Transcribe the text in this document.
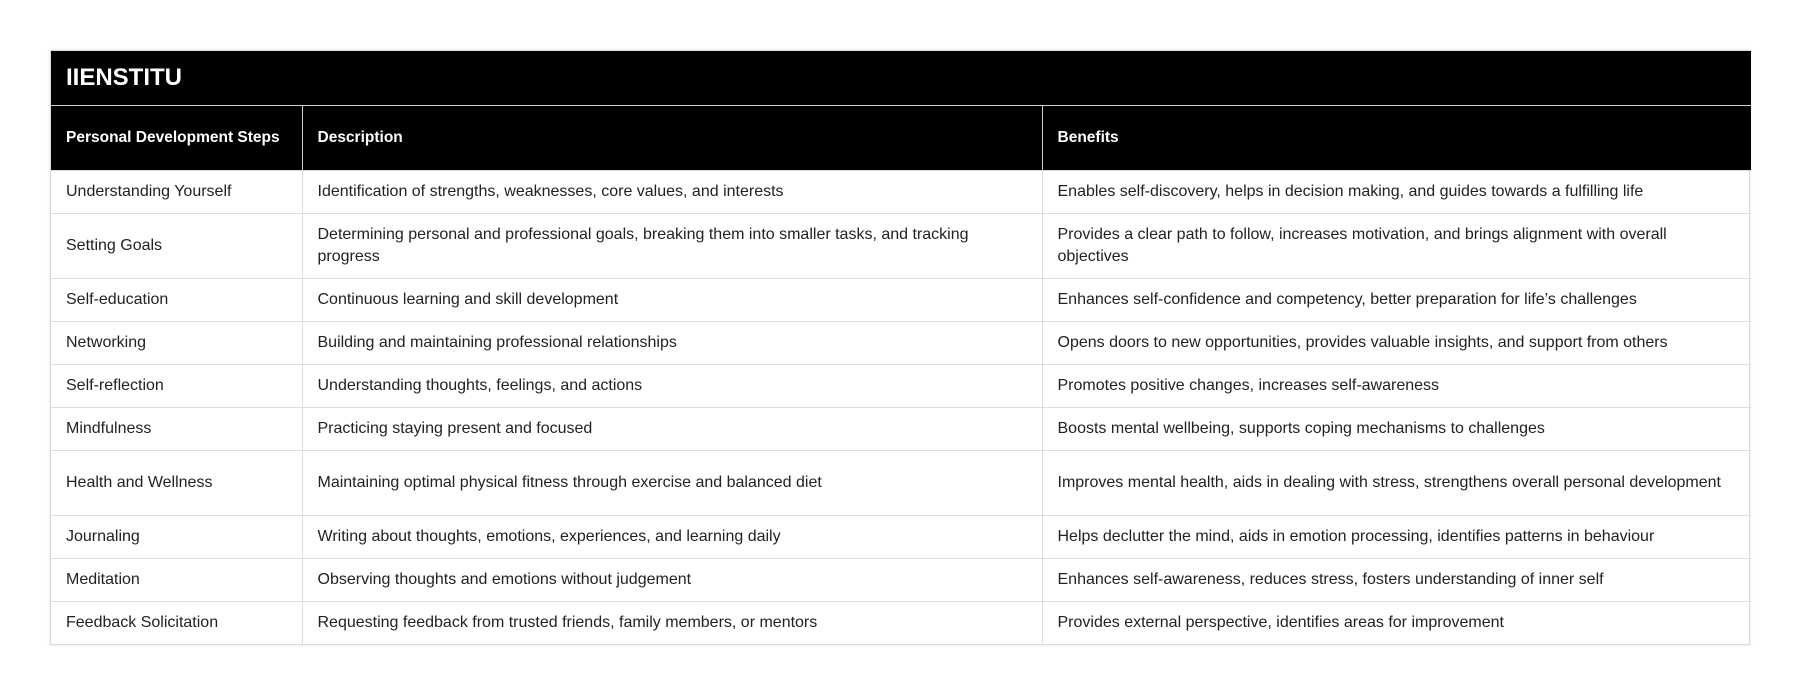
IIENSTITU		
Personal Development Steps	Description	Benefits
Understanding Yourself	Identification of strengths, weaknesses, core values, and interests	Enables self-discovery, helps in decision making, and guides towards a fulfilling life
Setting Goals	Determining personal and professional goals, breaking them into smaller tasks, and tracking progress	Provides a clear path to follow, increases motivation, and brings alignment with overall objectives
Self-education	Continuous learning and skill development	Enhances self-confidence and competency, better preparation for life’s challenges
Networking	Building and maintaining professional relationships	Opens doors to new opportunities, provides valuable insights, and support from others
Self-reflection	Understanding thoughts, feelings, and actions	Promotes positive changes, increases self-awareness
Mindfulness	Practicing staying present and focused	Boosts mental wellbeing, supports coping mechanisms to challenges
Health and Wellness	Maintaining optimal physical fitness through exercise and balanced diet	Improves mental health, aids in dealing with stress, strengthens overall personal development
Journaling	Writing about thoughts, emotions, experiences, and learning daily	Helps declutter the mind, aids in emotion processing, identifies patterns in behaviour
Meditation	Observing thoughts and emotions without judgement	Enhances self-awareness, reduces stress, fosters understanding of inner self
Feedback Solicitation	Requesting feedback from trusted friends, family members, or mentors	Provides external perspective, identifies areas for improvement
